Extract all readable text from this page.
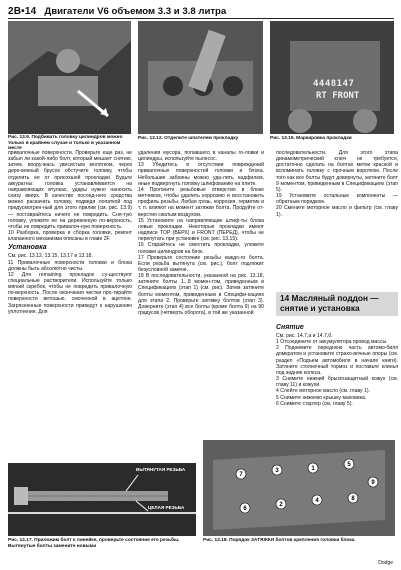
2B•14 Двигатели V6 объемом 3.3 и 3.8 литра
Рис. 13.9. Подбивать головку цилиндров можно только в крайнем случае и только в указанном месте
Рис. 13.12. Отделите шпателем прокладку
4448147
RT FRONT
Рис. 13.15. Маркировка прокладки

привалочные поверхности. Проверьте еще раз, не забыл ли какой-либо болт, который мешает снятию, затем, воору-жась увесистым молотком, через дере-вянный брусок обстучите головку, чтобы отделить ее от присохшей прокладки. Будьте аккуратны: головка устанавливается на направляющих втулках, удары нужно наносить снизу вверх. В качестве послед-него средства можно раскачать головку, подведя лопаткой под предусмотрен-ный для этого прилив (см. рис. 13.9) — поставрайтесь ничего не повредить. Сня-тую головку, уложите ее на деревянную по-верхность, чтобы не повредить привалоч-ную поверхность.
10 Разборка, проверка и сборка головки, ремонт клапанного механизма описаны в главе 2F.

Установка

См. рис. 13.12, 13.15, 13.17 и 13.18.
11 Привалочные поверхности головки и блока должны быть абсолютно чисты.
12 Для remaining прокладок су-ществуют специальные растворители. Используйте только мягкий скребок, чтобы не повредить привалочную по-верхность. После окончания чистки про-тирайте поверхности ветошью, смоченной в ацетоне. Загрязненные поверхности приведут к нарушению уплотнения. Для

удаления мусора, попавшего в каналы го-ловки и цилиндры, используйте пылесос.
13 Убедитесь в отсутствии повреждений привалочных поверхностей головки и блока. Небольшие забоины можно уда-лить надфилем, иные подвергнуть головку шлифованию на плите.
14 Прогоните резьбовые отверстия в блоке метчиком, чтобы удалить коррозию и восстановить профиль резьбы. Любая грязь, коррозия, герметик и т. п. влияют на момент затяжки болта. Продуйте от-верстия сжатым воздухом.
15 Установите на направляющие штиф-ты блока новые прокладки. Некоторые прокладки имеют надписи TOP (ВЕРХ) и FRONT (ПЕРЕД), чтобы не перепутать при установке (см. рис. 13.15).
16 Старайтесь не сместить прокладки, уложите головки цилиндров на блок.
17 Проверьте состояние резьбы каждо-го болта. Если резьба вытянута (см. рис.), болт подлежит безусловной замене.
18 В последовательности, указанной на рис. 13.18, затяните болты 1...8 момен-том, приведенным в Спецификациях (этап 1) (см. рис). Затем затяните болты моментом, приведенным в Специфи-кациях для этапа 2. Проверьте затяжку болтов (этап 3). Доверните (этап 4) все болты (кроме болта 9) на 90 градусов (четверть оборота), в той же указанной

последовательности. Для этого этапа динамометрический ключ не требуется, достаточно сделать на болтах метки краской и вспоминать головку с прочным воротком. После того как все болты будут довернуты, затяните болт 9 моментом, приведенным в Спецификациях (этап 5).
19 Установите остальные компоненты — обратным порядком.
20 Смените моторное масло и фильтр (см. главу 1).

14 Масляный поддон — снятие и установка
Снятие

См. рис. 14.7,а и 14.7,б.
1 Отсоедините от аккумулятора провод массы.
2 Поднимите переднюю часть автомо-биля домкратом и установите страхо-вочные опоры (см. раздел «Подъем автомобиля в начале книги). Затяните стояночный тормоз и поставьте клинья под задние колеса.
3 Снимите нижний брызгозащитный кожух (см. главу 11) и кожухи.
4 Слейте моторное масло (см. главу 1).
5 Снимите нижнюю крышку маховика.
6 Снимите стартер (см. главу 5).

ВЫТЯНУТАЯ РЕЗЬБА
ЦЕЛАЯ РЕЗЬБА
Рис. 13.17. Приложим болт к линейке, проверьте состояние его резьбы. Вытянутые болты замените новыми
7
3	1
5
6
2
4	8
9
Рис. 13.18. Порядок ЗАТЯЖКИ болтов крепления головки блока
Dodge
